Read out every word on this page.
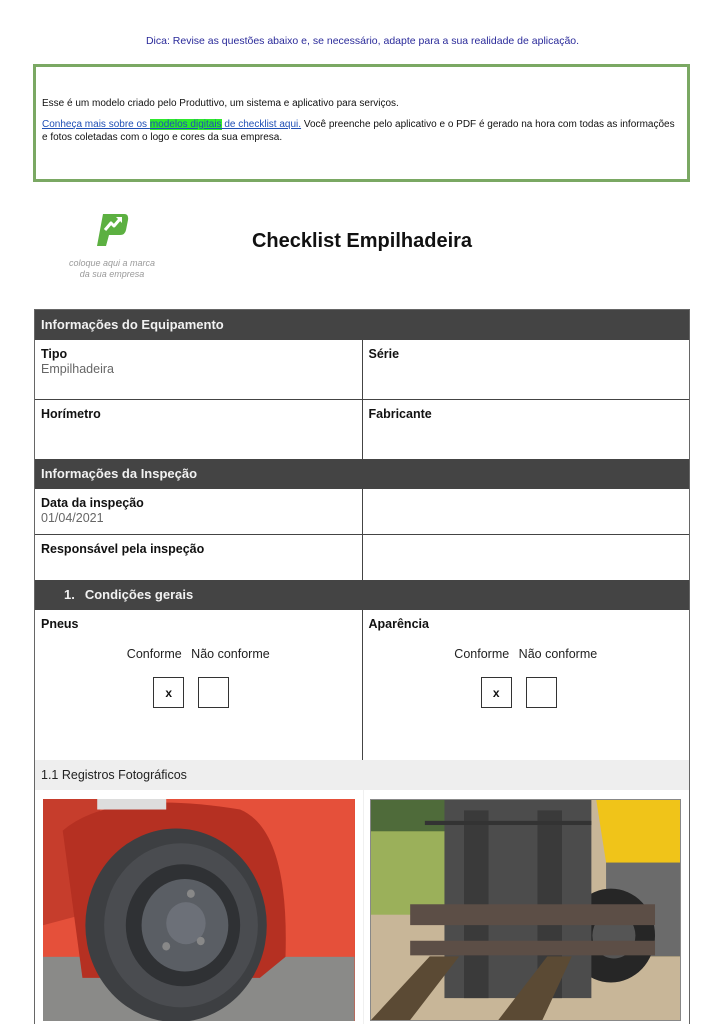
Dica: Revise as questões abaixo e, se necessário, adapte para a sua realidade de aplicação.

Esse é um modelo criado pelo Produttivo, um sistema e aplicativo para serviços.

Conheça mais sobre os modelos digitais de checklist aqui. Você preenche pelo aplicativo e o PDF é gerado na hora com todas as informações e fotos coletadas com o logo e cores da sua empresa.

coloque aqui a marca
da sua empresa
Checklist Empilhadeira
Informações do Equipamento
Tipo
Empilhadeira
Série
Horímetro	Fabricante
Informações da Inspeção
Data da inspeção
01/04/2021
Responsável pela inspeção
1. Condições gerais
Pneus
Conforme Não conforme
x
Aparência
Conforme Não conforme
x
1.1 Registros Fotográficos
